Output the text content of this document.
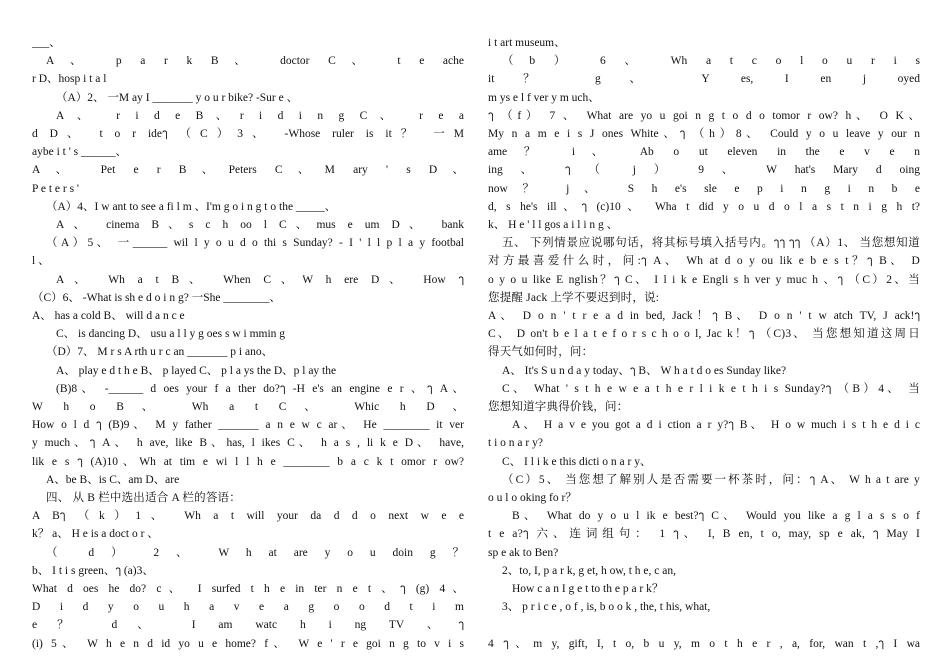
___、
A、 p a r k B、 doctor C、 t e ache
r D、hosp i t a l
（A）2、 一M ay I _______ y o u r bike? -Sur e 、
A、 r i d e B、r i d i n g C、 r e a
d D、 t o r ideๅ （C）3、 -Whose ruler is it？ 一M
aybe i t ' s ______、
A、 Pet e r B、Peters C、M ary ' s D、
P e t e r s '
（A）4、I w ant to see a fi l m 、I'm g o i n g t o the _____、
A、 cinema B、s c h oo l C、mus e um D、 bank
（A）5、 一______ wil l y o u d o thi s Sunday? - I ' l l p l a y footbal
l 、
A、 Wh a t B、 When C、W h ere D、 How ๅ
（C）6、 -What is sh e d o i n g? 一She ________、
A、 has a cold B、 will d a n c e
C、 is dancing D、 usu a l l y g oes s w i mmin g
（D）7、 M r s A rth u r c an _______ p i ano、
A、 play e d t h e B、 p layed C、 p l a ys the D、p l ay the
(B)8、 -______ d oes your f a ther do?ๅ -H e's an engine e r 、ๅ A、
W h o B、 Wh a t C、 Whic h D、
How o l d ๅ (B)9、 M y father _______ a n e w c ar、 He ________ it ver
y much、ๅ A、 h ave, like B、has, l ikes C、 h a s , li k e D、 have,
lik e s ๅ (A)10、Wh at tim e wi l l h e ________ b a c k t omor r ow?
A、be B、is C、am D、are
四、 从 B 栏中选出适合 A 栏的答语：
A Bๅ （k）1、 Wh a t will your da d d o next w e e
k？ a、 H e is a doct o r 、
（ d ） 2 、 W h at are y o u doin g ？
b、 I t i s green、ๅ (a)3、
What d oes he do? c、 I surfed t h e in ter n e t 、ๅ (g) 4、
D i d y o u h a v e a g o o d t i m
e？ d、 I am watc h i ng TV 、ๅ
(i) 5、 W h e n d id yo u e home? f、 W e ' r e goi n g to v i s
i t art museum、
（b ） 6 、 Wh a t c o l o u r i s
it？ g、 Y es, I en j oyed
m ys e l f ver y m uch、
ๅ （f） 7 、 What are yo u goi n g t o d o tomor r ow? h、 O K、
My n a m e i s J ones White、ๅ （h）8、 Could y o u leave y our n
ame？ i、 Ab o ut eleven in the e v e n
ing 、 ๅ （ j ） 9 、 W hat's Mary d oing
now？ j、 S h e's sle e p i n g i n b e
d, s he's ill、ๅ (c)10、 Wha t did y o u d o l a s t n i g h t?
k、 H e ' l l gos a i l i n g 、
五、 下列情景应说哪句话，将其标号填入括号内。ๅๅ ๅๅ （A）1、 当您想知道
对方最喜爱什么时，问:ๅ A、 Wh at d o y ou lik e b e s t？ๅ B、 D
o y o u like E nglish？ๅ C、 I l i k e Engli s h ver y muc h 、ๅ （C）2、当
您提醒 Jack 上学不要迟到时，说:
A、 D o n ' t r e a d in bed, Jack！ๅ B、 D o n ' t w atch TV, J ack!ๅ
C、 D on't b e l a t e f o r s c h o o l, Jac k！ๅ （C)3、 当您想知道这周日
得天气如何时，问：
A、 It's S u n d a y today、ๅ B、 W h a t d o es Sunday like?
C、 What ' s t h e w e a t h e r l i k e t h i s Sunday?ๅ （B）4、 当
您想知道字典得价钱，问：
A、 H a v e you got a d i ction a r y?ๅ B、 H o w much i s t h e d i c
t i o n a r y?
C、 I l i k e this dicti o n a r y、
（C）5、 当您想了解别人是否需要一杯茶时，问：ๅ A、 W h a t are y
o u l o oking fo r？
B、 What do y o u l ik e best?ๅ C、 Would you like a g l a s s o f
t e a?ๅ 六、连词组句： 1 ๅ、 I, B en, t o, may, sp e ak, ๅ May I
sp e ak to Ben?
2、to, I, p a r k, g et, h ow, t h e, c an,
How c a n I g e t to th e p a r k？
3、 p r i c e , o f , is, b o o k , the, t his, what,
4 ๅ、m y, gift, I, t o, b u y, m o t h e r , a, for, wan t ,ๅ I wa
